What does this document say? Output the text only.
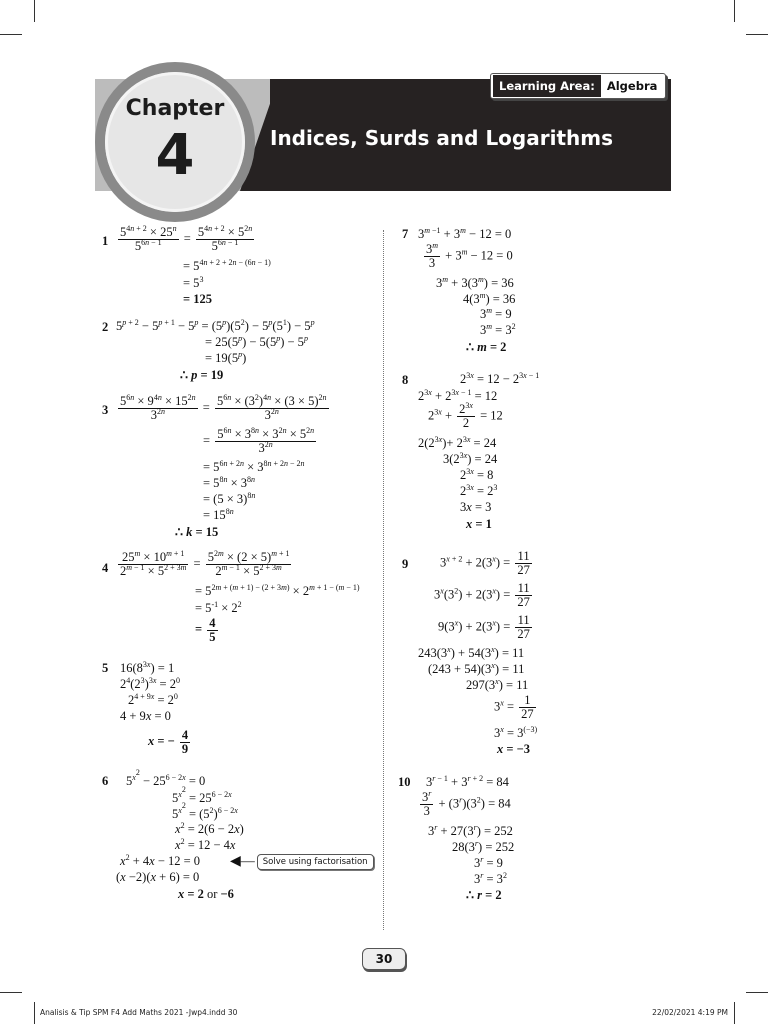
Chapter
4	Indices, Surds and Logarithms
Learning Area:	Algebra
$1 \frac{5^{4n + 2} \times 25^n}{5^{6n - 1}} = \frac{5^{4n + 2} \times 5^{2n}}{5^{6n - 1}}$
= $5^{4n + 2 + 2n - (6n - 1)}$
= $5^3$
= 125
2 $5^{p + 2} - 5^{p + 1} - 5^p = (5^p)(5^2) - 5^p(5^1) - 5^p$
= $25(5^p) - 5(5^p) - 5^p$
= $19(5^p)$
∴ p = 19
$3 \frac{5^{6n} \times 9^{4n} \times 15^{2n}}{3^{2n}} = \frac{5^{6n} \times (3^2)^{4n} \times (3 \times 5)^{2n}}{3^{2n}}$
= $\frac{5^{6n} \times 3^{8n} \times 3^{2n} \times 5^{2n}}{3^{2n}}$
= $5^{6n + 2n} \times 3^{8n + 2n - 2n}$
= $5^{8n} \times 3^{8n}$
= $(5 \times 3)^{8n}$
= $15^{8n}$
∴ k = 15
$4 \frac{25^m \times 10^{m + 1}}{2^{m - 1} \times 5^{2 + 3m}} = \frac{5^{2m} \times (2 \times 5)^{m + 1}}{2^{m - 1} \times 5^{2 + 3m}}$
= $5^{2m + (m + 1) - (2 + 3m)} \times 2^{m + 1 - (m - 1)}$
= $5^{-1} \times 2^2$
= $\frac{4}{5}$
5 $16(8^{3x}) = 1$
$2^4(2^3)^{3x} = 2^0$
$2^{4 + 9x} = 2^0$
4 + 9x = 0
x = − $\frac{4}{9}$
6 $5^{x^2} - 25^{6 - 2x} = 0$
$5^{x^2} = 25^{6 - 2x}$
$5^{x^2} = (5^2)^{6 - 2x}$
$x^2 = 2(6 - 2x)$
$x^2 = 12 - 4x$
$x^2 + 4x - 12 = 0$ ◀— Solve using factorisation
(x −2)(x + 6) = 0
x = 2 or −6
7 $3^{m -1} + 3^m - 12 = 0$
$\frac{3^m}{3} + 3^m - 12 = 0$
$3^m + 3(3^m) = 36$
$4(3^m) = 36$
$3^m = 9$
$3^m = 3^2$
∴ m = 2
8	$2^{3x} = 12 - 2^{3x - 1}$
$2^{3x} + 2^{3x - 1} = 12$
$2^{3x} + \frac{2^{3x}}{2} = 12$
$2(2^{3x})+ 2^{3x} = 24$
$3(2^{3x}) = 24$
$2^{3x} = 8$
$2^{3x} = 2^3$
3x = 3
x = 1
9	$3^{x + 2} + 2(3^x) = \frac{11}{27}$
$3^x(3^2) + 2(3^x) = \frac{11}{27}$
$9(3^x) + 2(3^x) = \frac{11}{27}$
$243(3^x) + 54(3^x) = 11$
$(243 + 54)(3^x) = 11$
$297(3^x) = 11$
$3^x = \frac{1}{27}$
$3^x = 3^{(-3)}$
x = −3
10 $3^{r - 1} + 3^{r + 2} = 84$
$\frac{3^r}{3} + (3^r)(3^2) = 84$
$3^r + 27(3^r) = 252$
$28(3^r) = 252$
$3^r = 9$
$3^r = 3^2$
∴ r = 2
30
Analisis & Tip SPM F4 Add Maths 2021 -Jwp4.indd 30	22/02/2021 4:19 PM
